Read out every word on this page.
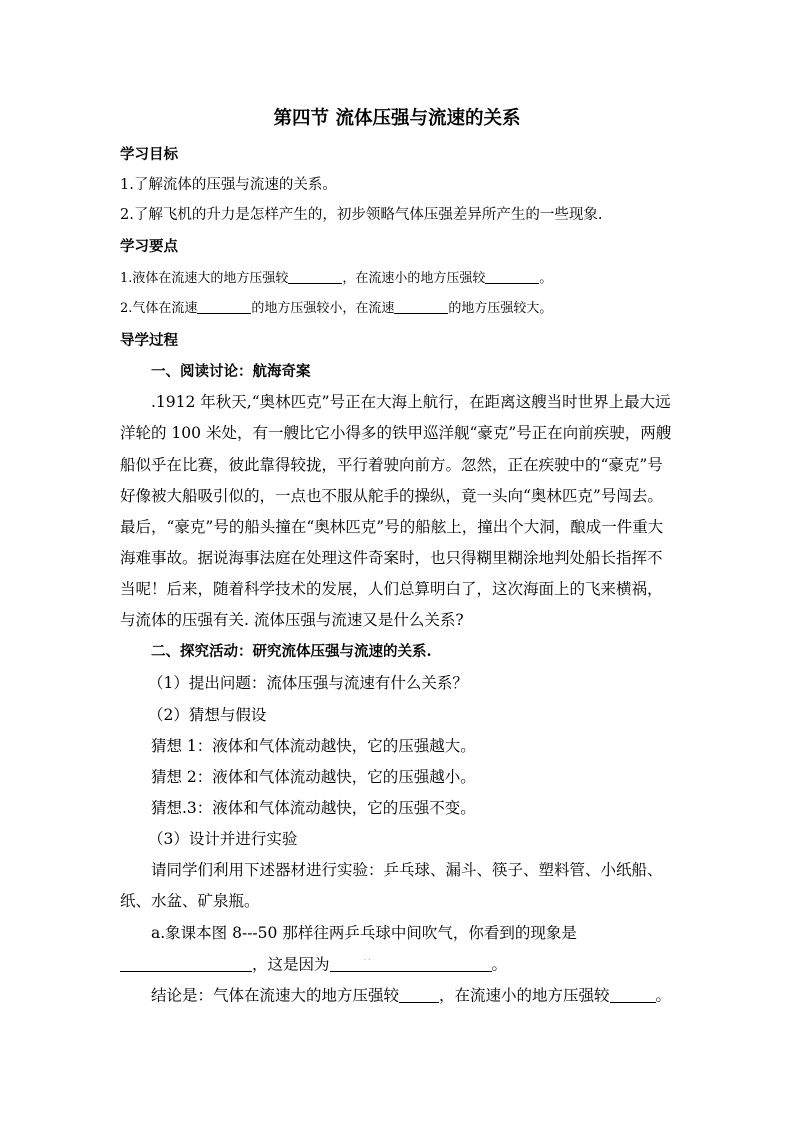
第四节 流体压强与流速的关系
学习目标
1.了解流体的压强与流速的关系。
2.了解飞机的升力是怎样产生的，初步领略气体压强差异所产生的一些现象.
学习要点
1.液体在流速大的地方压强较	，在流速小的地方压强较	。
2.气体在流速	的地方压强较小，在流速	的地方压强较大。
导学过程
一、阅读讨论：航海奇案
.1912 年秋天,“奥林匹克”号正在大海上航行，在距离这艘当时世界上最大远
洋轮的 100 米处，有一艘比它小得多的铁甲巡洋舰“豪克”号正在向前疾驶，两艘
船似乎在比赛，彼此靠得较拢，平行着驶向前方。忽然，正在疾驶中的“豪克”号
好像被大船吸引似的，一点也不服从舵手的操纵，竟一头向“奥林匹克”号闯去。
最后，“豪克”号的船头撞在“奥林匹克”号的船舷上，撞出个大洞，酿成一件重大
海难事故。据说海事法庭在处理这件奇案时，也只得糊里糊涂地判处船长指挥不
当呢！后来，随着科学技术的发展，人们总算明白了，这次海面上的飞来横祸，
与流体的压强有关. 流体压强与流速又是什么关系?
二、探究活动：研究流体压强与流速的关系.
（1）提出问题：流体压强与流速有什么关系？
（2）猜想与假设
猜想 1：液体和气体流动越快，它的压强越大。
猜想 2：液体和气体流动越快，它的压强越小。
猜想.3：液体和气体流动越快，它的压强不变。
（3）设计并进行实验
请同学们利用下述器材进行实验：乒乓球、漏斗、筷子、塑料管、小纸船、
纸、水盆、矿泉瓶。
a.象课本图 8---50 那样往两乒乓球中间吹气，你看到的现象是
，这是因为	．．	。
结论是：气体在流速大的地方压强较	，在流速小的地方压强较	。
